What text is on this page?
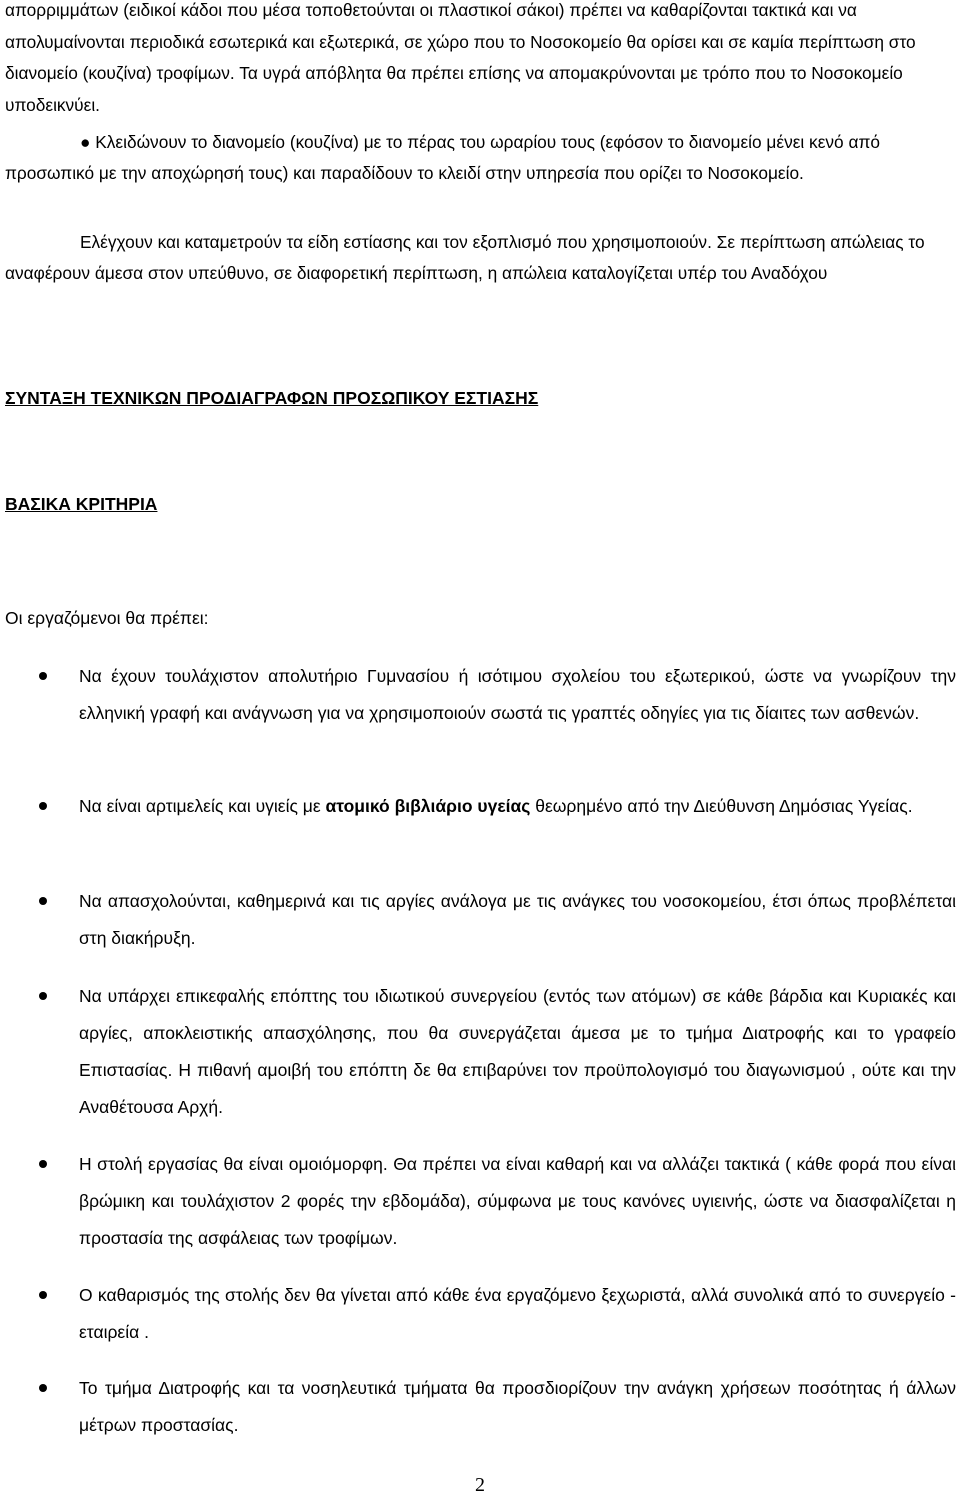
απορριμμάτων (ειδικοί κάδοι που μέσα τοποθετούνται οι πλαστικοί σάκοι) πρέπει να καθαρίζονται τακτικά και να απολυμαίνονται περιοδικά εσωτερικά και εξωτερικά, σε χώρο που το Νοσοκομείο θα ορίσει και σε καμία περίπτωση στο διανομείο (κουζίνα) τροφίμων. Τα υγρά απόβλητα θα πρέπει επίσης να απομακρύνονται με τρόπο που το Νοσοκομείο υποδεικνύει.

● Κλειδώνουν το διανομείο (κουζίνα) με το πέρας του ωραρίου τους (εφόσον το διανομείο μένει κενό από προσωπικό με την αποχώρησή τους) και παραδίδουν το κλειδί στην υπηρεσία που ορίζει το Νοσοκομείο.

Ελέγχουν και καταμετρούν τα είδη εστίασης και τον εξοπλισμό που χρησιμοποιούν. Σε περίπτωση απώλειας το αναφέρουν άμεσα στον υπεύθυνο, σε διαφορετική περίπτωση, η απώλεια καταλογίζεται υπέρ του Αναδόχου

ΣΥΝΤΑΞΗ ΤΕΧΝΙΚΩΝ ΠΡΟΔΙΑΓΡΑΦΩΝ ΠΡΟΣΩΠΙΚΟΥ ΕΣΤΙΑΣΗΣ
ΒΑΣΙΚΑ ΚΡΙΤΗΡΙΑ

Οι εργαζόμενοι θα πρέπει:

Να έχουν τουλάχιστον απολυτήριο Γυμνασίου ή ισότιμου σχολείου του εξωτερικού, ώστε να γνωρίζουν την ελληνική γραφή και ανάγνωση για να χρησιμοποιούν σωστά τις γραπτές οδηγίες για τις δίαιτες των ασθενών.
Να είναι αρτιμελείς και υγιείς με ατομικό βιβλιάριο υγείας θεωρημένο από την Διεύθυνση Δημόσιας Υγείας.
Να απασχολούνται, καθημερινά και τις αργίες ανάλογα με τις ανάγκες του νοσοκομείου, έτσι όπως προβλέπεται στη διακήρυξη.
Να υπάρχει επικεφαλής επόπτης του ιδιωτικού συνεργείου (εντός των ατόμων) σε κάθε βάρδια και Κυριακές και αργίες, αποκλειστικής απασχόλησης, που θα συνεργάζεται άμεσα με το τμήμα Διατροφής και το γραφείο Επιστασίας. Η πιθανή αμοιβή του επόπτη δε θα επιβαρύνει τον προϋπολογισμό του διαγωνισμού , ούτε και την Αναθέτουσα Αρχή.
Η στολή εργασίας θα είναι ομοιόμορφη. Θα πρέπει να είναι καθαρή και να αλλάζει τακτικά ( κάθε φορά που είναι βρώμικη και τουλάχιστον 2 φορές την εβδομάδα), σύμφωνα με τους κανόνες υγιεινής, ώστε να διασφαλίζεται η προστασία της ασφάλειας των τροφίμων.
Ο καθαρισμός της στολής δεν θα γίνεται από κάθε ένα εργαζόμενο ξεχωριστά, αλλά συνολικά από το συνεργείο - εταιρεία .
Το τμήμα Διατροφής και τα νοσηλευτικά τμήματα θα προσδιορίζουν την ανάγκη χρήσεων ποσότητας ή άλλων μέτρων προστασίας.
2
